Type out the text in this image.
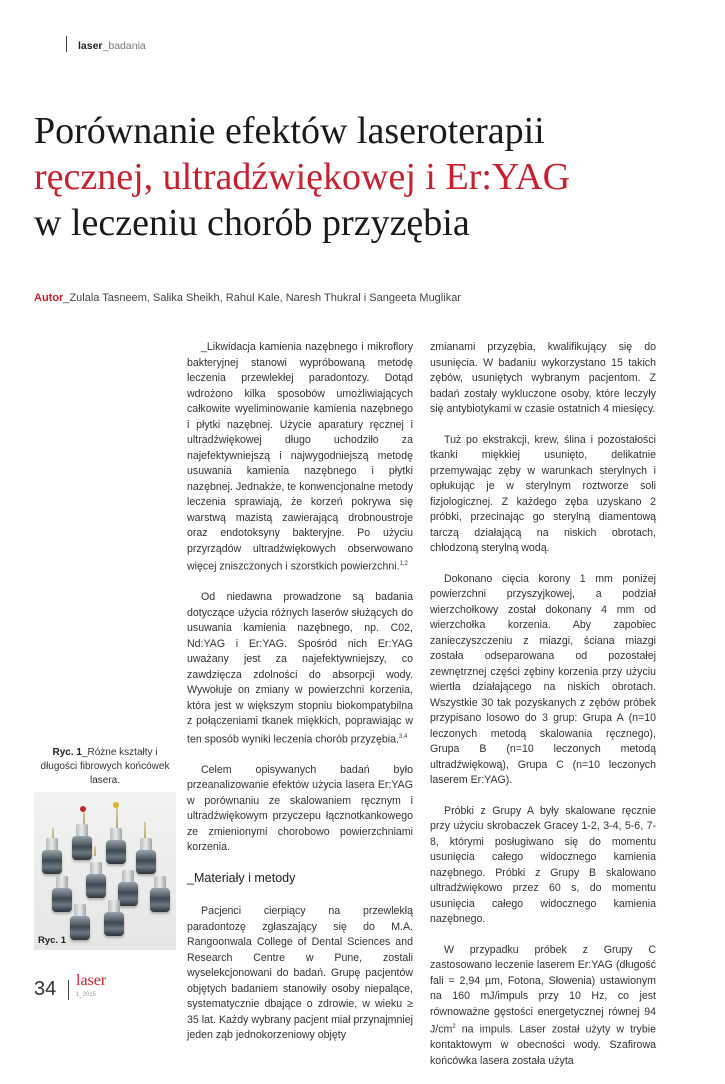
laser_badania
Porównanie efektów laseroterapii
ręcznej, ultradźwiękowej i Er:YAG
w leczeniu chorób przyzębia
Autor_Zulala Tasneem, Salika Sheikh, Rahul Kale, Naresh Thukral i Sangeeta Muglikar

_Likwidacja kamienia nazębnego i mikroflory bakteryjnej stanowi wypróbowaną metodę leczenia przewlekłej paradontozy. Dotąd wdrożono kilka sposobów umożliwiających całkowite wyeliminowanie kamienia nazębnego i płytki nazębnej. Użycie aparatury ręcznej i ultradźwiękowej długo uchodziło za najefektywniejszą i najwygodniejszą metodę usuwania kamienia nazębnego i płytki nazębnej. Jednakże, te konwencjonalne metody leczenia sprawiają, że korzeń pokrywa się warstwą mazistą zawierającą drobnoustroje oraz endotoksyny bakteryjne. Po użyciu przyrządów ultradźwiękowych obserwowano więcej zniszczonych i szorstkich powierzchni.$^{1,2}$

Od niedawna prowadzone są badania dotyczące użycia różnych laserów służących do usuwania kamienia nazębnego, np. C02, Nd:YAG i Er:YAG. Spośród nich Er:YAG uważany jest za najefektywniejszy, co zawdzięcza zdolności do absorpcji wody. Wywołuje on zmiany w powierzchni korzenia, która jest w większym stopniu biokompatybilna z połączeniami tkanek miękkich, poprawiając w ten sposób wyniki leczenia chorób przyzębia.$^{3,4}$

Celem opisywanych badań było przeanalizowanie efektów użycia lasera Er:YAG w porównaniu ze skalowaniem ręcznym i ultradźwiękowym przyczepu łącznotkankowego ze zmienionymi chorobowo powierzchniami korzenia.

_Materiały i metody

Pacjenci cierpiący na przewlekłą paradontozę zgłaszający się do M.A. Rangoonwala College of Dental Sciences and Research Centre w Pune, zostali wyselekcjonowani do badań. Grupę pacjentów objętych badaniem stanowiły osoby niepalące, systematycznie dbające o zdrowie, w wieku ≥ 35 lat. Każdy wybrany pacjent miał przynajmniej jeden ząb jednokorzeniowy objęty

zmianami przyzębia, kwalifikujący się do usunięcia. W badaniu wykorzystano 15 takich zębów, usuniętych wybranym pacjentom. Z badań zostały wykluczone osoby, które leczyły się antybiotykami w czasie ostatnich 4 miesięcy.

Tuż po ekstrakcji, krew, ślina i pozostałości tkanki miękkiej usunięto, delikatnie przemywając zęby w warunkach sterylnych i opłukując je w sterylnym roztworze soli fizjologicznej. Z każdego zęba uzyskano 2 próbki, przecinając go sterylną diamentową tarczą działającą na niskich obrotach, chłodzoną sterylną wodą.

Dokonano cięcia korony 1 mm poniżej powierzchni przyszyjkowej, a podział wierzchołkowy został dokonany 4 mm od wierzchołka korzenia. Aby zapobiec zanieczyszczeniu z miazgi, ściana miazgi została odseparowana od pozostałej zewnętrznej części zębiny korzenia przy użyciu wiertła działającego na niskich obrotach. Wszystkie 30 tak pozyskanych z zębów próbek przypisano losowo do 3 grup: Grupa A (n=10 leczonych metodą skalowania ręcznego), Grupa B (n=10 leczonych metodą ultradźwiękową), Grupa C (n=10 leczonych laserem Er:YAG).

Próbki z Grupy A były skalowane ręcznie przy użyciu skrobaczek Gracey 1-2, 3-4, 5-6, 7-8, którymi posługiwano się do momentu usunięcia całego widocznego kamienia nazębnego. Próbki z Grupy B skalowano ultradźwiękowo przez 60 s, do momentu usunięcia całego widocznego kamienia nazębnego.

W przypadku próbek z Grupy C zastosowano leczenie laserem Er:YAG (długość fali = 2,94 µm, Fotona, Słowenia) ustawionym na 160 mJ/impuls przy 10 Hz, co jest równoważne gęstości energetycznej równej 94 $J/cm^2$ na impuls. Laser został użyty w trybie kontaktowym w obecności wody. Szafirowa końcówka lasera została użyta

Ryc. 1_Różne kształty i długości fibrowych końcówek lasera.
Ryc. 1
34 laser
1_2015
